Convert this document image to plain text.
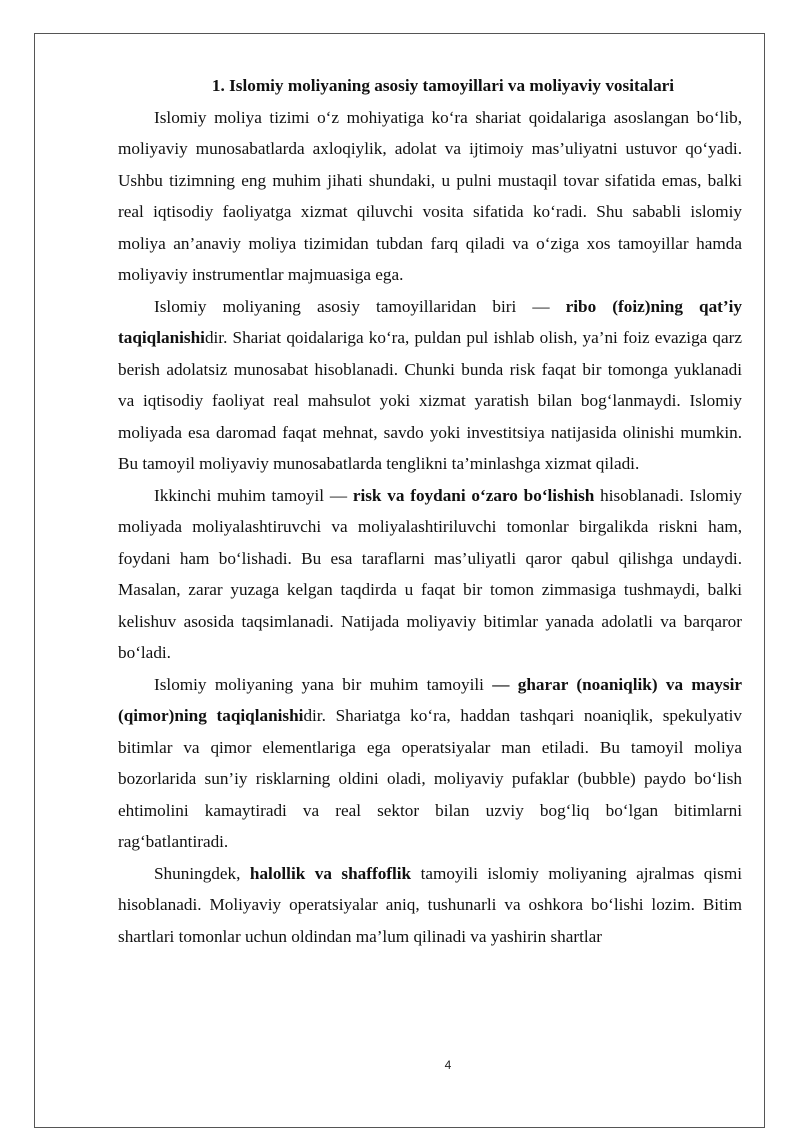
1. Islomiy moliyaning asosiy tamoyillari va moliyaviy vositalari

Islomiy moliya tizimi o‘z mohiyatiga ko‘ra shariat qoidalariga asoslangan bo‘lib, moliyaviy munosabatlarda axloqiylik, adolat va ijtimoiy mas’uliyatni ustuvor qo‘yadi. Ushbu tizimning eng muhim jihati shundaki, u pulni mustaqil tovar sifatida emas, balki real iqtisodiy faoliyatga xizmat qiluvchi vosita sifatida ko‘radi. Shu sababli islomiy moliya an’anaviy moliya tizimidan tubdan farq qiladi va o‘ziga xos tamoyillar hamda moliyaviy instrumentlar majmuasiga ega.

Islomiy moliyaning asosiy tamoyillaridan biri — ribo (foiz)ning qat’iy taqiqlanishidir. Shariat qoidalariga ko‘ra, puldan pul ishlab olish, ya’ni foiz evaziga qarz berish adolatsiz munosabat hisoblanadi. Chunki bunda risk faqat bir tomonga yuklanadi va iqtisodiy faoliyat real mahsulot yoki xizmat yaratish bilan bog‘lanmaydi. Islomiy moliyada esa daromad faqat mehnat, savdo yoki investitsiya natijasida olinishi mumkin. Bu tamoyil moliyaviy munosabatlarda tenglikni ta’minlashga xizmat qiladi.

Ikkinchi muhim tamoyil — risk va foydani o‘zaro bo‘lishish hisoblanadi. Islomiy moliyada moliyalashtiruvchi va moliyalashtiriluvchi tomonlar birgalikda riskni ham, foydani ham bo‘lishadi. Bu esa taraflarni mas’uliyatli qaror qabul qilishga undaydi. Masalan, zarar yuzaga kelgan taqdirda u faqat bir tomon zimmasiga tushmaydi, balki kelishuv asosida taqsimlanadi. Natijada moliyaviy bitimlar yanada adolatli va barqaror bo‘ladi.

Islomiy moliyaning yana bir muhim tamoyili — gharar (noaniqlik) va maysir (qimor)ning taqiqlanishidir. Shariatga ko‘ra, haddan tashqari noaniqlik, spekulyativ bitimlar va qimor elementlariga ega operatsiyalar man etiladi. Bu tamoyil moliya bozorlarida sun’iy risklarning oldini oladi, moliyaviy pufaklar (bubble) paydo bo‘lish ehtimolini kamaytiradi va real sektor bilan uzviy bog‘liq bo‘lgan bitimlarni rag‘batlantiradi.

Shuningdek, halollik va shaffoflik tamoyili islomiy moliyaning ajralmas qismi hisoblanadi. Moliyaviy operatsiyalar aniq, tushunarli va oshkora bo‘lishi lozim. Bitim shartlari tomonlar uchun oldindan ma’lum qilinadi va yashirin shartlar

4
